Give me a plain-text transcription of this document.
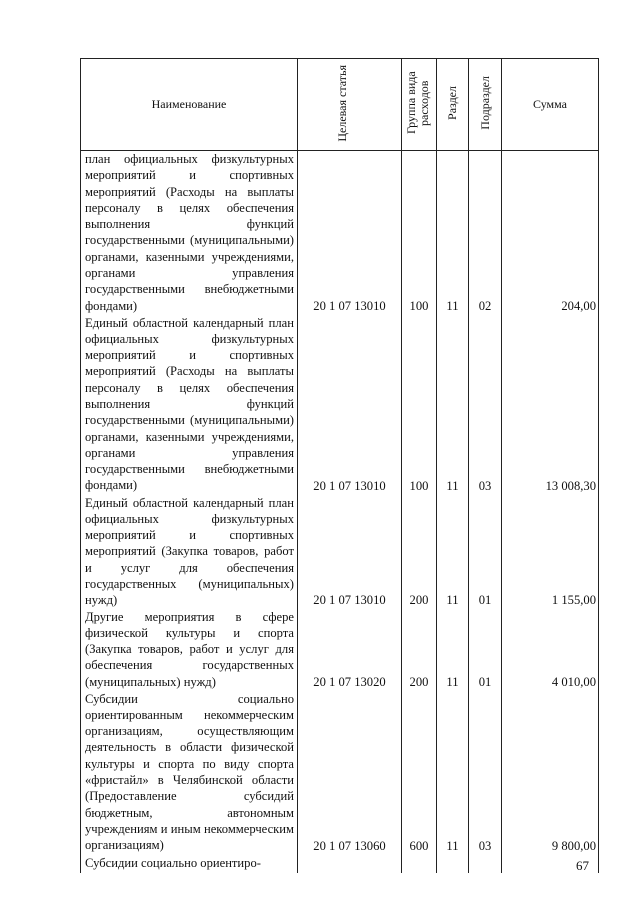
Наименование	Целевая статья	Группа вида расходов	Раздел	Подраздел	Сумма

план официальных физкультурных мероприятий и спортивных мероприятий (Расходы на выплаты персоналу в целях обеспечения выполнения функций государственными (муниципальными) органами, казенными учреждениями, органами управления государственными внебюджетными фондами)	20 1 07 13010	100	11	02	204,00

Единый областной календарный план официальных физкультурных мероприятий и спортивных мероприятий (Расходы на выплаты персоналу в целях обеспечения выполнения функций государственными (муниципальными) органами, казенными учреждениями, органами управления государственными внебюджетными фондами)	20 1 07 13010	100	11	03	13 008,30

Единый областной календарный план официальных физкультурных мероприятий и спортивных мероприятий (Закупка товаров, работ и услуг для обеспечения государственных (муниципальных) нужд)	20 1 07 13010	200	11	01	1 155,00

Другие мероприятия в сфере физической культуры и спорта (Закупка товаров, работ и услуг для обеспечения государственных (муниципальных) нужд)	20 1 07 13020	200	11	01	4 010,00

Субсидии социально ориентированным некоммерческим организациям, осуществляющим деятельность в области физической культуры и спорта по виду спорта «фристайл» в Челябинской области (Предоставление субсидий бюджетным, автономным учреждениям и иным некоммерческим организациям)	20 1 07 13060	600	11	03	9 800,00

Субсидии социально ориентиро-					
						67
